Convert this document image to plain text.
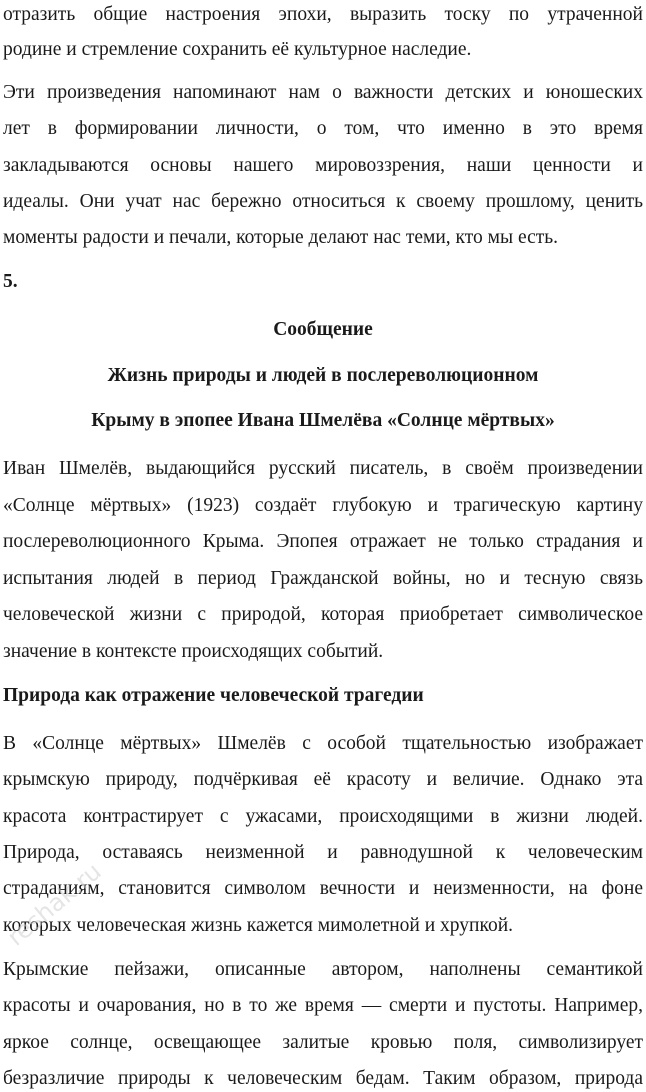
отразить общие настроения эпохи, выразить тоску по утраченной
родине и стремление сохранить её культурное наследие.
Эти произведения напоминают нам о важности детских и юношеских
лет в формировании личности, о том, что именно в это время
закладываются основы нашего мировоззрения, наши ценности и
идеалы. Они учат нас бережно относиться к своему прошлому, ценить
моменты радости и печали, которые делают нас теми, кто мы есть.
5.
Сообщение
Жизнь природы и людей в послереволюционном
Крыму в эпопее Ивана Шмелёва «Солнце мёртвых»
Иван Шмелёв, выдающийся русский писатель, в своём произведении
«Солнце мёртвых» (1923) создаёт глубокую и трагическую картину
послереволюционного Крыма. Эпопея отражает не только страдания и
испытания людей в период Гражданской войны, но и тесную связь
человеческой жизни с природой, которая приобретает символическое
значение в контексте происходящих событий.
Природа как отражение человеческой трагедии
В «Солнце мёртвых» Шмелёв с особой тщательностью изображает
крымскую природу, подчёркивая её красоту и величие. Однако эта
красота контрастирует с ужасами, происходящими в жизни людей.
Природа, оставаясь неизменной и равнодушной к человеческим
страданиям, становится символом вечности и неизменности, на фоне
которых человеческая жизнь кажется мимолетной и хрупкой.
Крымские пейзажи, описанные автором, наполнены семантикой
красоты и очарования, но в то же время — смерти и пустоты. Например,
яркое солнце, освещающее залитые кровью поля, символизирует
безразличие природы к человеческим бедам. Таким образом, природа
reshak.ru
